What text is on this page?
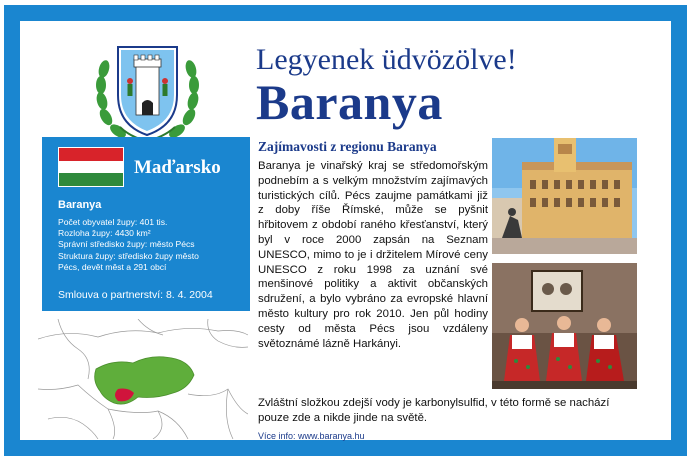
Legyenek üdvözölve!
Baranya
Maďarsko
Baranya
Počet obyvatel župy: 401 tis.
Rozloha župy: 4430 km²
Správní středisko župy: město Pécs
Struktura župy: středisko župy město
Pécs, devět měst a 291 obcí
Smlouva o partnerství: 8. 4. 2004
Zajímavosti z regionu Baranya
Baranya je vinařský kraj se středomořským podnebím a s velkým množstvím zajímavých turistických cílů. Pécs zaujme památkami již z doby říše Římské, může se pyšnit hřbitovem z období raného křesťanství, který byl v roce 2000 zapsán na Seznam UNESCO, mimo to je i držitelem Mírové ceny UNESCO z roku 1998 za uznání své menšinové politiky a aktivit občanských sdružení, a bylo vybráno za evropské hlavní město kultury pro rok 2010. Jen půl hodiny cesty od města Pécs jsou vzdáleny světoznámé lázně Harkányi.
Zvláštní složkou zdejší vody je karbonylsulfid, v této formě se nachází pouze zde a nikde jinde na světě.
Více info: www.baranya.hu
